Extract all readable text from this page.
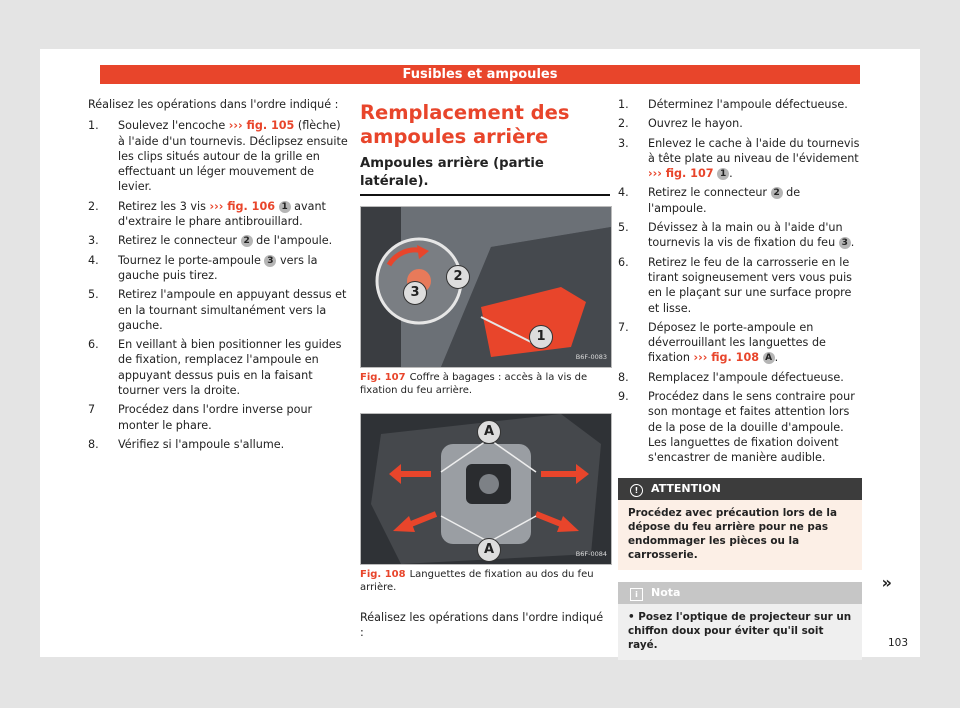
Fusibles et ampoules

Réalisez les opérations dans l'ordre indiqué :

1. Soulevez l'encoche ››› fig. 105 (flèche) à l'aide d'un tournevis. Déclipsez ensuite les clips situés autour de la grille en effectuant un léger mouvement de levier.
2. Retirez les 3 vis ››› fig. 106 1 avant d'extraire le phare antibrouillard.
3. Retirez le connecteur 2 de l'ampoule.
4. Tournez le porte-ampoule 3 vers la gauche puis tirez.
5. Retirez l'ampoule en appuyant dessus et en la tournant simultanément vers la gauche.
6. En veillant à bien positionner les guides de fixation, remplacez l'ampoule en appuyant dessus puis en la faisant tourner vers la droite.
7 Procédez dans l'ordre inverse pour monter le phare.
8. Vérifiez si l'ampoule s'allume.
Remplacement des ampoules arrière
Ampoules arrière (partie latérale).
2
3
1
B6F-0083
Fig. 107 Coffre à bagages : accès à la vis de fixation du feu arrière.
A
A	B6F-0084
Fig. 108 Languettes de fixation au dos du feu arrière.

Réalisez les opérations dans l'ordre indiqué :

1. Déterminez l'ampoule défectueuse.
2. Ouvrez le hayon.
3. Enlevez le cache à l'aide du tournevis à tête plate au niveau de l'évidement ››› fig. 107 1 .
4. Retirez le connecteur 2 de l'ampoule.
5. Dévissez à la main ou à l'aide d'un tournevis la vis de fixation du feu 3 .
6. Retirez le feu de la carrosserie en le tirant soigneusement vers vous puis en le plaçant sur une surface propre et lisse.
7. Déposez le porte-ampoule en déverrouillant les languettes de fixation ››› fig. 108 A .
8. Remplacez l'ampoule défectueuse.
9. Procédez dans le sens contraire pour son montage et faites attention lors de la pose de la douille d'ampoule. Les languettes de fixation doivent s'encastrer de manière audible.
! ATTENTION
Procédez avec précaution lors de la dépose du feu arrière pour ne pas endommager les pièces ou la carrosserie.
i Nota
• Posez l'optique de projecteur sur un chiffon doux pour éviter qu'il soit rayé.
»
103
